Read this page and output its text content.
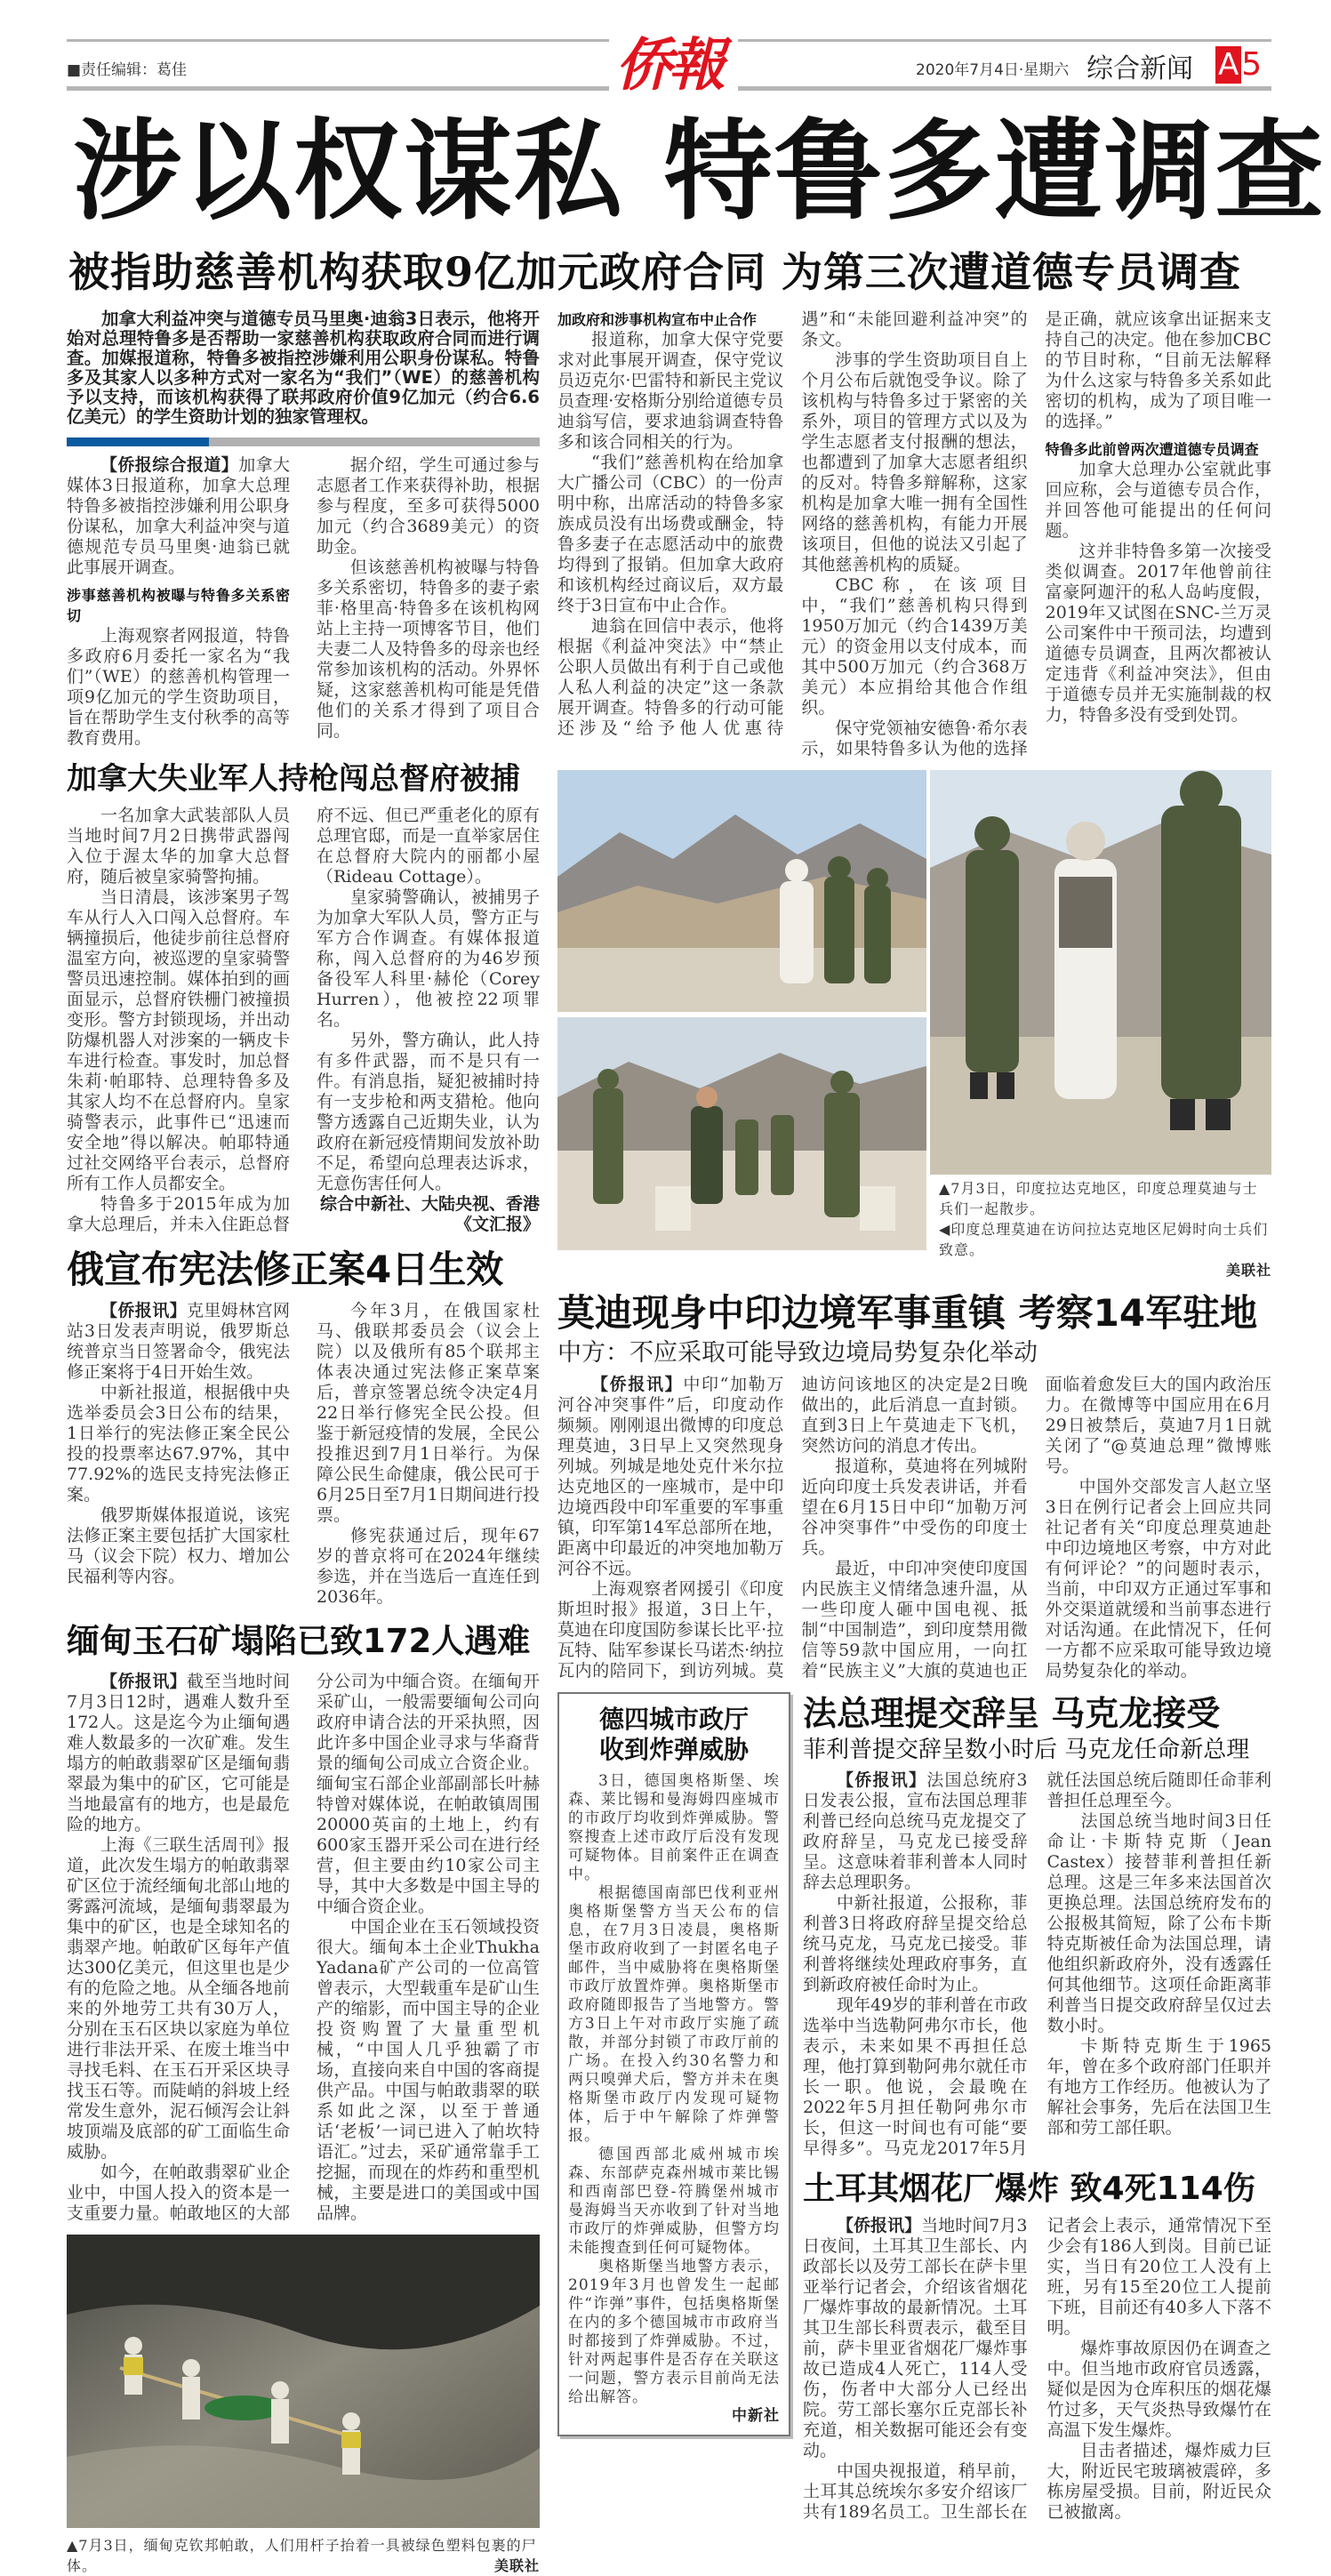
■责任编辑：葛佳	侨報	2020年7月4日·星期六 综合新闻 A5
涉以权谋私 特鲁多遭调查
被指助慈善机构获取9亿加元政府合同 为第三次遭道德专员调查
加拿大利益冲突与道德专员马里奥·迪翁3日表示，他将开始对总理特鲁多是否帮助一家慈善机构获取政府合同而进行调查。加媒报道称，特鲁多被指控涉嫌利用公职身份谋私。特鲁多及其家人以多种方式对一家名为“我们”（WE）的慈善机构予以支持，而该机构获得了联邦政府价值9亿加元（约合6.6亿美元）的学生资助计划的独家管理权。

【侨报综合报道】加拿大媒体3日报道称，加拿大总理特鲁多被指控涉嫌利用公职身份谋私，加拿大利益冲突与道德规范专员马里奥·迪翁已就此事展开调查。

涉事慈善机构被曝与特鲁多关系密切

上海观察者网报道，特鲁多政府6月委托一家名为“我们”（WE）的慈善机构管理一项9亿加元的学生资助项目，旨在帮助学生支付秋季的高等教育费用。

据介绍，学生可通过参与志愿者工作来获得补助，根据参与程度，至多可获得5000加元（约合3689美元）的资助金。

但该慈善机构被曝与特鲁多关系密切，特鲁多的妻子索菲·格里高·特鲁多在该机构网站上主持一项博客节目，他们夫妻二人及特鲁多的母亲也经常参加该机构的活动。外界怀疑，这家慈善机构可能是凭借他们的关系才得到了项目合同。

加拿大失业军人持枪闯总督府被捕

一名加拿大武装部队人员当地时间7月2日携带武器闯入位于渥太华的加拿大总督府，随后被皇家骑警拘捕。

当日清晨，该涉案男子驾车从行人入口闯入总督府。车辆撞损后，他徒步前往总督府温室方向，被巡逻的皇家骑警警员迅速控制。媒体拍到的画面显示，总督府铁栅门被撞损变形。警方封锁现场，并出动防爆机器人对涉案的一辆皮卡车进行检查。事发时，加总督朱莉·帕耶特、总理特鲁多及其家人均不在总督府内。皇家骑警表示，此事件已“迅速而安全地”得以解决。帕耶特通过社交网络平台表示，总督府所有工作人员都安全。

特鲁多于2015年成为加拿大总理后，并未入住距总督府不远、但已严重老化的原有总理官邸，而是一直举家居住在总督府大院内的丽都小屋（Rideau Cottage）。

皇家骑警确认，被捕男子为加拿大军队人员，警方正与军方合作调查。有媒体报道称，闯入总督府的为46岁预备役军人科里·赫伦（Corey Hurren），他被控22项罪名。

另外，警方确认，此人持有多件武器，而不是只有一件。有消息指，疑犯被捕时持有一支步枪和两支猎枪。他向警方透露自己近期失业，认为政府在新冠疫情期间发放补助不足，希望向总理表达诉求，无意伤害任何人。

综合中新社、大陆央视、香港《文汇报》

俄宣布宪法修正案4日生效

【侨报讯】克里姆林宫网站3日发表声明说，俄罗斯总统普京当日签署命令，俄宪法修正案将于4日开始生效。

中新社报道，根据俄中央选举委员会3日公布的结果，1日举行的宪法修正案全民公投的投票率达67.97%，其中77.92%的选民支持宪法修正案。

俄罗斯媒体报道说，该宪法修正案主要包括扩大国家杜马（议会下院）权力、增加公民福利等内容。

今年3月，在俄国家杜马、俄联邦委员会（议会上院）以及俄所有85个联邦主体表决通过宪法修正案草案后，普京签署总统令决定4月22日举行修宪全民公投。但鉴于新冠疫情的发展，全民公投推迟到7月1日举行。为保障公民生命健康，俄公民可于6月25日至7月1日期间进行投票。

修宪获通过后，现年67岁的普京将可在2024年继续参选，并在当选后一直连任到2036年。

缅甸玉石矿塌陷已致172人遇难

【侨报讯】截至当地时间7月3日12时，遇难人数升至172人。这是迄今为止缅甸遇难人数最多的一次矿难。发生塌方的帕敢翡翠矿区是缅甸翡翠最为集中的矿区，它可能是当地最富有的地方，也是最危险的地方。

上海《三联生活周刊》报道，此次发生塌方的帕敢翡翠矿区位于流经缅甸北部山地的雾露河流域，是缅甸翡翠最为集中的矿区，也是全球知名的翡翠产地。帕敢矿区每年产值达300亿美元，但这里也是少有的危险之地。从全缅各地前来的外地劳工共有30万人，分别在玉石区块以家庭为单位进行非法开采、在废土堆当中寻找毛料、在玉石开采区块寻找玉石等。而陡峭的斜坡上经常发生意外，泥石倾泻会让斜坡顶端及底部的矿工面临生命威胁。

如今，在帕敢翡翠矿业企业中，中国人投入的资本是一支重要力量。帕敢地区的大部分公司为中缅合资。在缅甸开采矿山，一般需要缅甸公司向政府申请合法的开采执照，因此许多中国企业寻求与华裔背景的缅甸公司成立合资企业。缅甸宝石部企业部副部长叶赫特曾对媒体说，在帕敢镇周围20000英亩的土地上，约有600家玉器开采公司在进行经营，但主要由约10家公司主导，其中大多数是中国主导的中缅合资企业。

中国企业在玉石领域投资很大。缅甸本土企业Thukha Yadana矿产公司的一位高管曾表示，大型载重车是矿山生产的缩影，而中国主导的企业投资购置了大量重型机械，“中国人几乎独霸了市场，直接向来自中国的客商提供产品。中国与帕敢翡翠的联系如此之深，以至于普通话‘老板’一词已进入了帕坎特语汇。”过去，采矿通常靠手工挖掘，而现在的炸药和重型机械，主要是进口的美国或中国品牌。

▲7月3日，缅甸克钦邦帕敢，人们用杆子抬着一具被绿色塑料包裹的尸体。	美联社
加政府和涉事机构宣布中止合作

报道称，加拿大保守党要求对此事展开调查，保守党议员迈克尔·巴雷特和新民主党议员查理·安格斯分别给道德专员迪翁写信，要求迪翁调查特鲁多和该合同相关的行为。

“我们”慈善机构在给加拿大广播公司（CBC）的一份声明中称，出席活动的特鲁多家族成员没有出场费或酬金，特鲁多妻子在志愿活动中的旅费均得到了报销。但加拿大政府和该机构经过商议后，双方最终于3日宣布中止合作。

迪翁在回信中表示，他将根据《利益冲突法》中“禁止公职人员做出有利于自己或他人私人利益的决定”这一条款展开调查。特鲁多的行动可能还涉及“给予他人优惠待遇”和“未能回避利益冲突”的条文。

涉事的学生资助项目自上个月公布后就饱受争议。除了该机构与特鲁多过于紧密的关系外，项目的管理方式以及为学生志愿者支付报酬的想法，也都遭到了加拿大志愿者组织的反对。特鲁多辩解称，这家机构是加拿大唯一拥有全国性网络的慈善机构，有能力开展该项目，但他的说法又引起了其他慈善机构的质疑。

CBC称，在该项目中，“我们”慈善机构只得到1950万加元（约合1439万美元）的资金用以支付成本，而其中500万加元（约合368万美元）本应捐给其他合作组织。

保守党领袖安德鲁·希尔表示，如果特鲁多认为他的选择是正确，就应该拿出证据来支持自己的决定。他在参加CBC的节目时称，“目前无法解释为什么这家与特鲁多关系如此密切的机构，成为了项目唯一的选择。”

特鲁多此前曾两次遭道德专员调查

加拿大总理办公室就此事回应称，会与道德专员合作，并回答他可能提出的任何问题。

这并非特鲁多第一次接受类似调查。2017年他曾前往富豪阿迦汗的私人岛屿度假，2019年又试图在SNC-兰万灵公司案件中干预司法，均遭到道德专员调查，且两次都被认定违背《利益冲突法》，但由于道德专员并无实施制裁的权力，特鲁多没有受到处罚。

▲7月3日，印度拉达克地区，印度总理莫迪与士兵们一起散步。
◀印度总理莫迪在访问拉达克地区尼姆时向士兵们致意。
美联社
莫迪现身中印边境军事重镇 考察14军驻地
中方：不应采取可能导致边境局势复杂化举动

【侨报讯】中印“加勒万河谷冲突事件”后，印度动作频频。刚刚退出微博的印度总理莫迪，3日早上又突然现身列城。列城是地处克什米尔拉达克地区的一座城市，是中印边境西段中印军重要的军事重镇，印军第14军总部所在地，距离中印最近的冲突地加勒万河谷不远。

上海观察者网援引《印度斯坦时报》报道，3日上午，莫迪在印度国防参谋长比平·拉瓦特、陆军参谋长马诺杰·纳拉瓦内的陪同下，到访列城。莫迪访问该地区的决定是2日晚做出的，此后消息一直封锁。直到3日上午莫迪走下飞机，突然访问的消息才传出。

报道称，莫迪将在列城附近向印度士兵发表讲话，并看望在6月15日中印“加勒万河谷冲突事件”中受伤的印度士兵。

最近，中印冲突使印度国内民族主义情绪急速升温，从一些印度人砸中国电视、抵制“中国制造”，到印度禁用微信等59款中国应用，一向扛着“民族主义”大旗的莫迪也正面临着愈发巨大的国内政治压力。在微博等中国应用在6月29日被禁后，莫迪7月1日就关闭了“@莫迪总理”微博账号。

中国外交部发言人赵立坚3日在例行记者会上回应共同社记者有关“印度总理莫迪赴中印边境地区考察，中方对此有何评论？”的问题时表示，当前，中印双方正通过军事和外交渠道就缓和当前事态进行对话沟通。在此情况下，任何一方都不应采取可能导致边境局势复杂化的举动。

德四城市政厅
收到炸弹威胁

3日，德国奥格斯堡、埃森、莱比锡和曼海姆四座城市的市政厅均收到炸弹威胁。警察搜查上述市政厅后没有发现可疑物体。目前案件正在调查中。

根据德国南部巴伐利亚州奥格斯堡警方当天公布的信息，在7月3日凌晨，奥格斯堡市政府收到了一封匿名电子邮件，当中威胁将在奥格斯堡市政厅放置炸弹。奥格斯堡市政府随即报告了当地警方。警方3日上午对市政厅实施了疏散，并部分封锁了市政厅前的广场。在投入约30名警力和两只嗅弹犬后，警方并未在奥格斯堡市政厅内发现可疑物体，后于中午解除了炸弹警报。

德国西部北威州城市埃森、东部萨克森州城市莱比锡和西南部巴登-符腾堡州城市曼海姆当天亦收到了针对当地市政厅的炸弹威胁，但警方均未能搜查到任何可疑物体。

奥格斯堡当地警方表示，2019年3月也曾发生一起邮件“诈弹”事件，包括奥格斯堡在内的多个德国城市市政府当时都接到了炸弹威胁。不过，针对两起事件是否存在关联这一问题，警方表示目前尚无法给出解答。

中新社

法总理提交辞呈 马克龙接受
菲利普提交辞呈数小时后 马克龙任命新总理

【侨报讯】法国总统府3日发表公报，宣布法国总理菲利普已经向总统马克龙提交了政府辞呈，马克龙已接受辞呈。这意味着菲利普本人同时辞去总理职务。

中新社报道，公报称，菲利普3日将政府辞呈提交给总统马克龙，马克龙已接受。菲利普将继续处理政府事务，直到新政府被任命时为止。

现年49岁的菲利普在市政选举中当选勒阿弗尔市长，他表示，未来如果不再担任总理，他打算到勒阿弗尔就任市长一职。他说，会最晚在2022年5月担任勒阿弗尔市长，但这一时间也有可能“要早得多”。马克龙2017年5月就任法国总统后随即任命菲利普担任总理至今。

法国总统当地时间3日任命让·卡斯特克斯（Jean Castex）接替菲利普担任新总理。这是三年多来法国首次更换总理。法国总统府发布的公报极其简短，除了公布卡斯特克斯被任命为法国总理，请他组织新政府外，没有透露任何其他细节。这项任命距离菲利普当日提交政府辞呈仅过去数小时。

卡斯特克斯生于1965年，曾在多个政府部门任职并有地方工作经历。他被认为了解社会事务，先后在法国卫生部和劳工部任职。

土耳其烟花厂爆炸 致4死114伤

【侨报讯】当地时间7月3日夜间，土耳其卫生部长、内政部长以及劳工部长在萨卡里亚举行记者会，介绍该省烟花厂爆炸事故的最新情况。土耳其卫生部长科贾表示，截至目前，萨卡里亚省烟花厂爆炸事故已造成4人死亡，114人受伤，伤者中大部分人已经出院。劳工部长塞尔丘克部长补充道，相关数据可能还会有变动。

中国央视报道，稍早前，土耳其总统埃尔多安介绍该厂共有189名员工。卫生部长在记者会上表示，通常情况下至少会有186人到岗。目前已证实，当日有20位工人没有上班，另有15至20位工人提前下班，目前还有40多人下落不明。

爆炸事故原因仍在调查之中。但当地市政府官员透露，疑似是因为仓库积压的烟花爆竹过多，天气炎热导致爆竹在高温下发生爆炸。

目击者描述，爆炸威力巨大，附近民宅玻璃被震碎，多栋房屋受损。目前，附近民众已被撤离。
